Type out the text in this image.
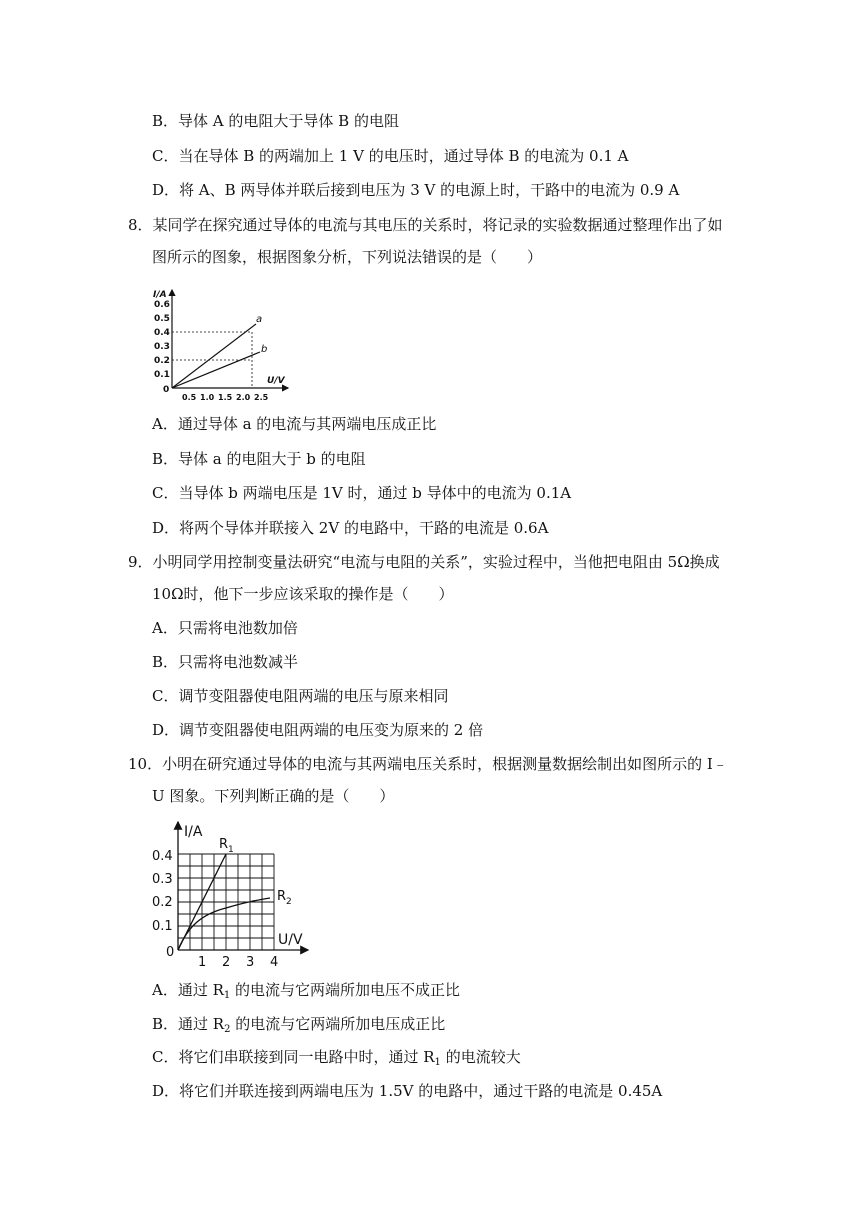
B．导体 A 的电阻大于导体 B 的电阻
C．当在导体 B 的两端加上 1 V 的电压时，通过导体 B 的电流为 0.1 A
D．将 A、B 两导体并联后接到电压为 3 V 的电源上时，干路中的电流为 0.9 A
8．某同学在探究通过导体的电流与其电压的关系时，将记录的实验数据通过整理作出了如
图所示的图象，根据图象分析，下列说法错误的是（　　）
a
b
I/A
U/V
0
0.1
0.2
0.3
0.4
0.5
0.6
0.5 1.0 1.5 2.0 2.5
A．通过导体 a 的电流与其两端电压成正比
B．导体 a 的电阻大于 b 的电阻
C．当导体 b 两端电压是 1V 时，通过 b 导体中的电流为 0.1A
D．将两个导体并联接入 2V 的电路中，干路的电流是 0.6A
9．小明同学用控制变量法研究“电流与电阻的关系”，实验过程中，当他把电阻由 5Ω换成
10Ω时，他下一步应该采取的操作是（　　）
A．只需将电池数加倍
B．只需将电池数减半
C．调节变阻器使电阻两端的电压与原来相同
D．调节变阻器使电阻两端的电压变为原来的 2 倍
10．小明在研究通过导体的电流与其两端电压关系时，根据测量数据绘制出如图所示的 I﹣
U 图象。下列判断正确的是（　　）
I/A
U/V
0
$R_1$
$R_2$
0.1
0.2
0.3
0.4
1 2 3 4
A．通过 $R_1$ 的电流与它两端所加电压不成正比
B．通过 $R_2$ 的电流与它两端所加电压成正比
C．将它们串联接到同一电路中时，通过 $R_1$ 的电流较大
D．将它们并联连接到两端电压为 1.5V 的电路中，通过干路的电流是 0.45A
